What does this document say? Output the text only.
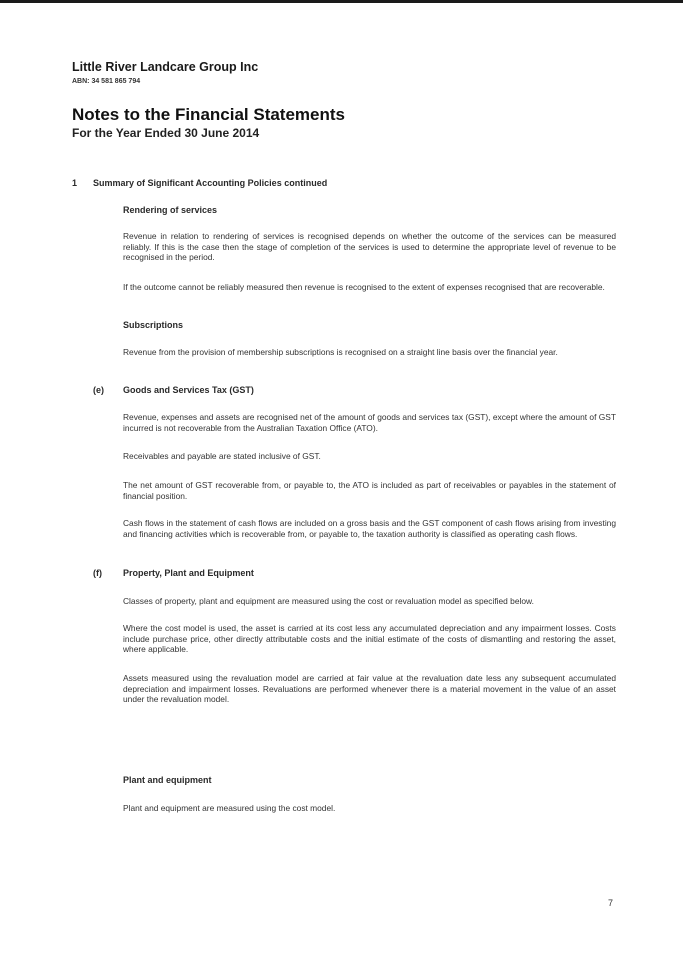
Little River Landcare Group Inc
ABN: 34 581 865 794
Notes to the Financial Statements
For the Year Ended 30 June 2014
1 Summary of Significant Accounting Policies continued
Rendering of services
Revenue in relation to rendering of services is recognised depends on whether the outcome of the services can be measured reliably. If this is the case then the stage of completion of the services is used to determine the appropriate level of revenue to be recognised in the period.
If the outcome cannot be reliably measured then revenue is recognised to the extent of expenses recognised that are recoverable.
Subscriptions
Revenue from the provision of membership subscriptions is recognised on a straight line basis over the financial year.
(e) Goods and Services Tax (GST)
Revenue, expenses and assets are recognised net of the amount of goods and services tax (GST), except where the amount of GST incurred is not recoverable from the Australian Taxation Office (ATO).
Receivables and payable are stated inclusive of GST.
The net amount of GST recoverable from, or payable to, the ATO is included as part of receivables or payables in the statement of financial position.
Cash flows in the statement of cash flows are included on a gross basis and the GST component of cash flows arising from investing and financing activities which is recoverable from, or payable to, the taxation authority is classified as operating cash flows.
(f) Property, Plant and Equipment
Classes of property, plant and equipment are measured using the cost or revaluation model as specified below.
Where the cost model is used, the asset is carried at its cost less any accumulated depreciation and any impairment losses. Costs include purchase price, other directly attributable costs and the initial estimate of the costs of dismantling and restoring the asset, where applicable.
Assets measured using the revaluation model are carried at fair value at the revaluation date less any subsequent accumulated depreciation and impairment losses. Revaluations are performed whenever there is a material movement in the value of an asset under the revaluation model.
Plant and equipment
Plant and equipment are measured using the cost model.
7
